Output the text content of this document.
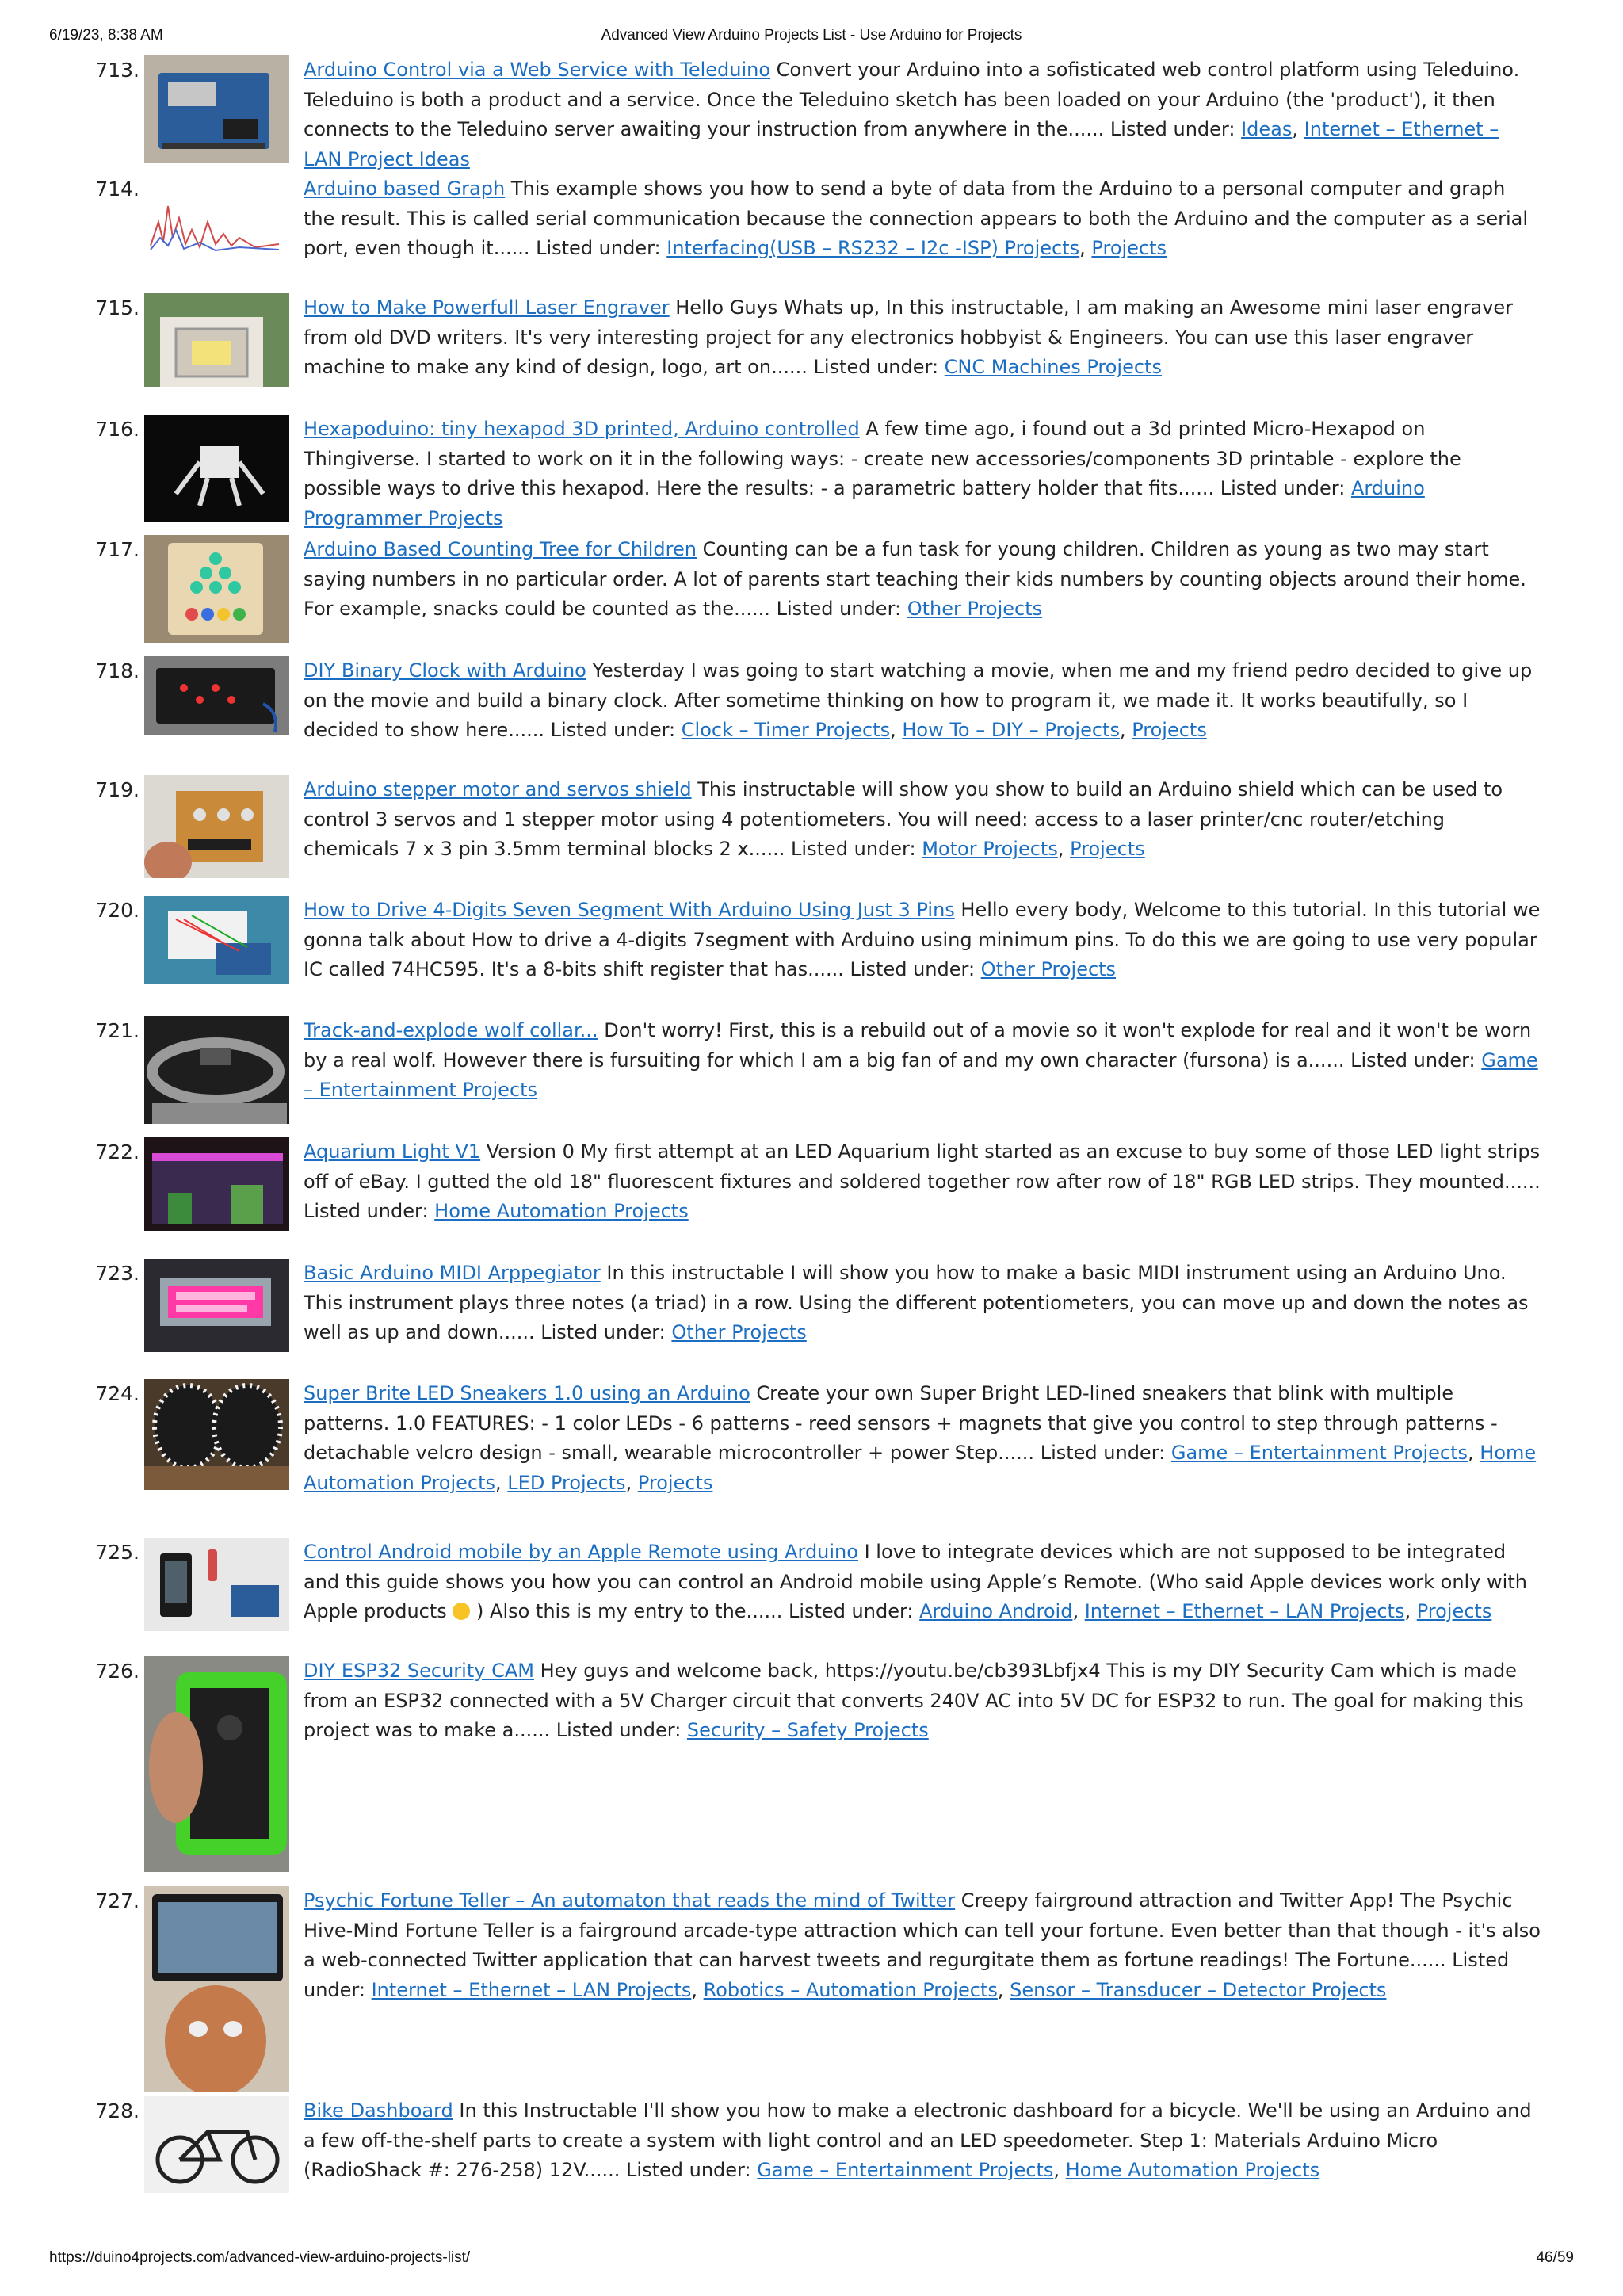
6/19/23, 8:38 AM	Advanced View Arduino Projects List - Use Arduino for Projects
713.	Arduino Control via a Web Service with Teleduino Convert your Arduino into a sofisticated web control platform using Teleduino. Teleduino is both a product and a service. Once the Teleduino sketch has been loaded on your Arduino (the 'product'), it then connects to the Teleduino server awaiting your instruction from anywhere in the...... Listed under: Ideas, Internet – Ethernet – LAN Project Ideas
714.	Arduino based Graph This example shows you how to send a byte of data from the Arduino to a personal computer and graph the result. This is called serial communication because the connection appears to both the Arduino and the computer as a serial port, even though it...... Listed under: Interfacing(USB – RS232 – I2c -ISP) Projects, Projects
715.	How to Make Powerfull Laser Engraver Hello Guys Whats up, In this instructable, I am making an Awesome mini laser engraver from old DVD writers. It's very interesting project for any electronics hobbyist & Engineers. You can use this laser engraver machine to make any kind of design, logo, art on...... Listed under: CNC Machines Projects
716.	Hexapoduino: tiny hexapod 3D printed, Arduino controlled A few time ago, i found out a 3d printed Micro-Hexapod on Thingiverse. I started to work on it in the following ways: - create new accessories/components 3D printable - explore the possible ways to drive this hexapod. Here the results: - a parametric battery holder that fits...... Listed under: Arduino Programmer Projects
717.	Arduino Based Counting Tree for Children Counting can be a fun task for young children. Children as young as two may start saying numbers in no particular order. A lot of parents start teaching their kids numbers by counting objects around their home. For example, snacks could be counted as the...... Listed under: Other Projects
718.	DIY Binary Clock with Arduino Yesterday I was going to start watching a movie, when me and my friend pedro decided to give up on the movie and build a binary clock. After sometime thinking on how to program it, we made it. It works beautifully, so I decided to show here...... Listed under: Clock – Timer Projects, How To – DIY – Projects, Projects
719.	Arduino stepper motor and servos shield This instructable will show you show to build an Arduino shield which can be used to control 3 servos and 1 stepper motor using 4 potentiometers. You will need: access to a laser printer/cnc router/etching chemicals 7 x 3 pin 3.5mm terminal blocks 2 x...... Listed under: Motor Projects, Projects
720.	How to Drive 4-Digits Seven Segment With Arduino Using Just 3 Pins Hello every body, Welcome to this tutorial. In this tutorial we gonna talk about How to drive a 4-digits 7segment with Arduino using minimum pins. To do this we are going to use very popular IC called 74HC595. It's a 8-bits shift register that has...... Listed under: Other Projects
721.	Track-and-explode wolf collar... Don't worry! First, this is a rebuild out of a movie so it won't explode for real and it won't be worn by a real wolf. However there is fursuiting for which I am a big fan of and my own character (fursona) is a...... Listed under: Game – Entertainment Projects
722.	Aquarium Light V1 Version 0 My first attempt at an LED Aquarium light started as an excuse to buy some of those LED light strips off of eBay. I gutted the old 18" fluorescent fixtures and soldered together row after row of 18" RGB LED strips. They mounted...... Listed under: Home Automation Projects
723.	Basic Arduino MIDI Arppegiator In this instructable I will show you how to make a basic MIDI instrument using an Arduino Uno. This instrument plays three notes (a triad) in a row. Using the different potentiometers, you can move up and down the notes as well as up and down...... Listed under: Other Projects
724.	Super Brite LED Sneakers 1.0 using an Arduino Create your own Super Bright LED-lined sneakers that blink with multiple patterns. 1.0 FEATURES: - 1 color LEDs - 6 patterns - reed sensors + magnets that give you control to step through patterns - detachable velcro design - small, wearable microcontroller + power Step...... Listed under: Game – Entertainment Projects, Home Automation Projects, LED Projects, Projects
725.	Control Android mobile by an Apple Remote using Arduino I love to integrate devices which are not supposed to be integrated and this guide shows you how you can control an Android mobile using Apple’s Remote. (Who said Apple devices work only with Apple products  ) Also this is my entry to the...... Listed under: Arduino Android, Internet – Ethernet – LAN Projects, Projects
726.	DIY ESP32 Security CAM Hey guys and welcome back, https://youtu.be/cb393Lbfjx4 This is my DIY Security Cam which is made from an ESP32 connected with a 5V Charger circuit that converts 240V AC into 5V DC for ESP32 to run. The goal for making this project was to make a...... Listed under: Security – Safety Projects
727.	Psychic Fortune Teller – An automaton that reads the mind of Twitter Creepy fairground attraction and Twitter App! The Psychic Hive-Mind Fortune Teller is a fairground arcade-type attraction which can tell your fortune. Even better than that though - it's also a web-connected Twitter application that can harvest tweets and regurgitate them as fortune readings! The Fortune...... Listed under: Internet – Ethernet – LAN Projects, Robotics – Automation Projects, Sensor – Transducer – Detector Projects
728.	Bike Dashboard In this Instructable I'll show you how to make a electronic dashboard for a bicycle. We'll be using an Arduino and a few off-the-shelf parts to create a system with light control and an LED speedometer. Step 1: Materials Arduino Micro (RadioShack #: 276-258) 12V...... Listed under: Game – Entertainment Projects, Home Automation Projects
https://duino4projects.com/advanced-view-arduino-projects-list/	46/59
